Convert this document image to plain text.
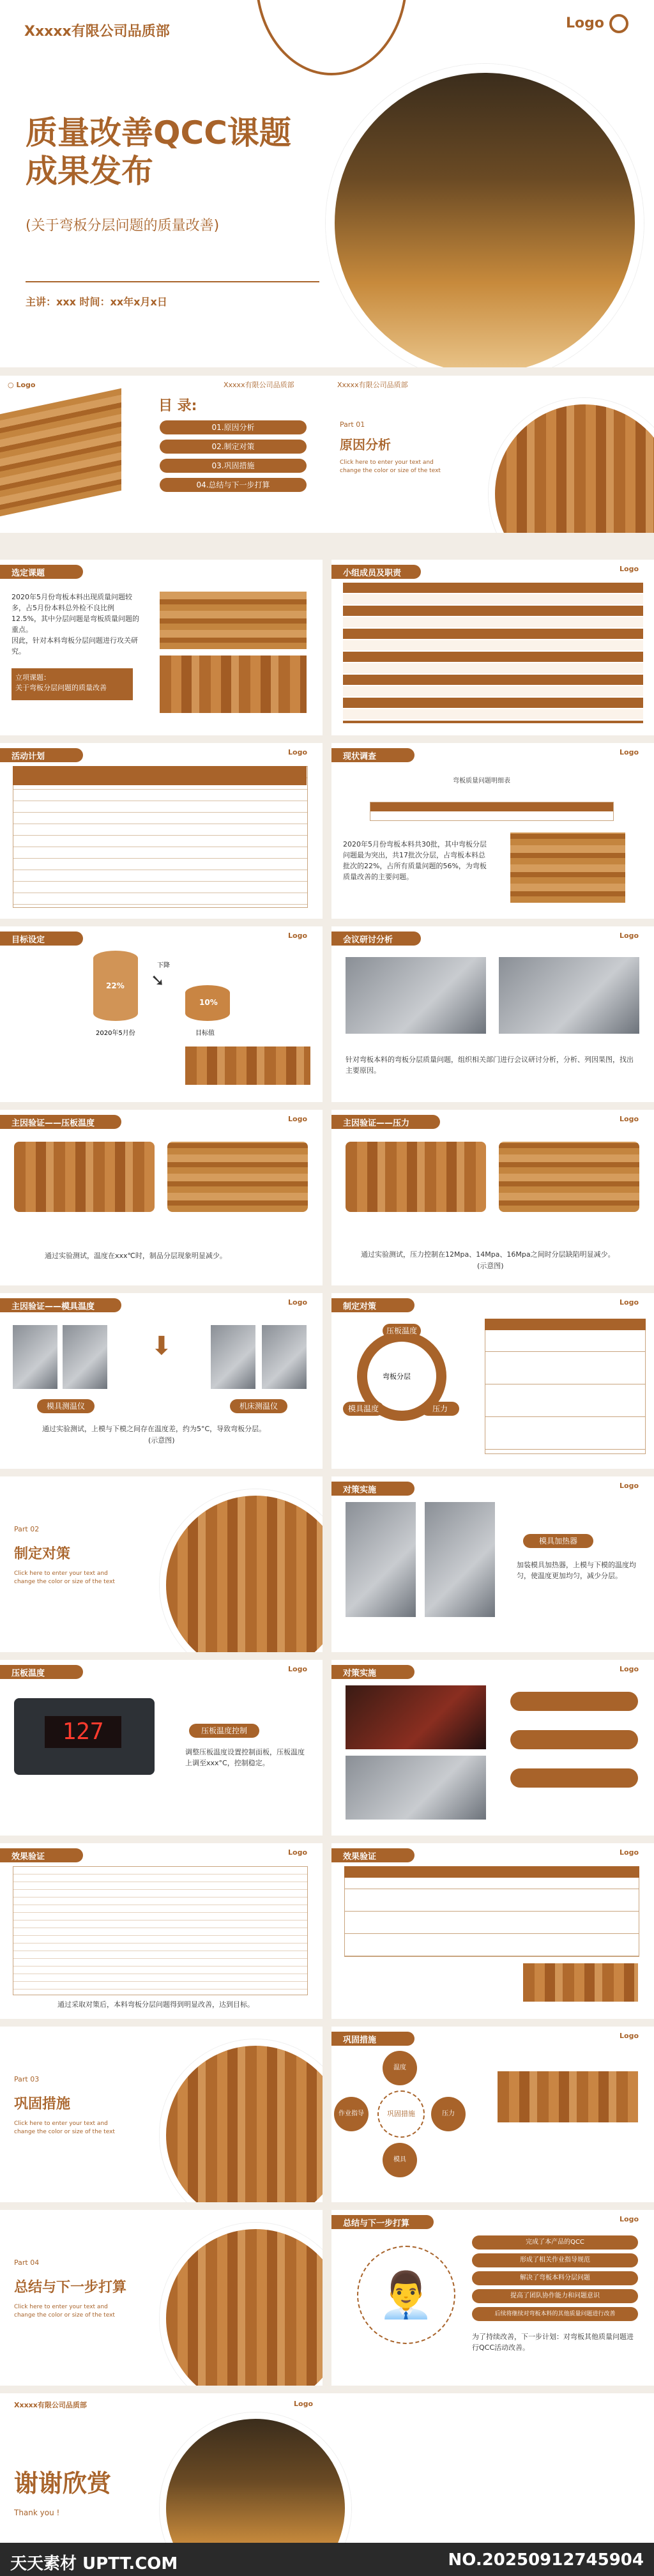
Xxxxx有限公司品质部
Logo
质量改善QCC课题
成果发布
(关于弯板分层问题的质量改善)
主讲：xxx 时间：xx年x月x日
○ Logo	Xxxxx有限公司品质部
目 录:
01.原因分析
02.制定对策
03.巩固措施
04.总结与下一步打算
Xxxxx有限公司品质部
Part 01
原因分析
Click here to enter your text and change the color or size of the text
选定课题
2020年5月份弯板本料出现质量问题较多，占5月份本料总外检不良比例12.5%，其中分层问题是弯板质量问题的重点。
因此，针对本料弯板分层问题进行攻关研究。
立项课题：
关于弯板分层问题的质量改善
小组成员及职责	Logo
活动计划	Logo	现状调查	Logo
弯板质量问题明细表
2020年5月份弯板本料共30批，其中弯板分层问题最为突出，共17批次分层，占弯板本料总批次的22%，占所有质量问题的56%，为弯板质量改善的主要问题。
目标设定	Logo
22%
10%
➘
下降
2020年5月份	目标值
会议研讨分析	Logo
针对弯板本料的弯板分层质量问题，组织相关部门进行会议研讨分析，分析、列因果图，找出主要原因。
主因验证——压板温度	Logo
通过实验测试，温度在xxx℃时，制品分层现象明显减少。
主因验证——压力	Logo
通过实验测试，压力控制在12Mpa、14Mpa、16Mpa之间时分层缺陷明显减少。
(示意图)
主因验证——模具温度	Logo
模具测温仪
⬇
机床测温仪
通过实验测试，上模与下模之间存在温度差，约为5°C，导致弯板分层。
(示意图)
制定对策	Logo
弯板分层
压板温度
压力
模具温度
Part 02
制定对策
Click here to enter your text and change the color or size of the text
对策实施	Logo
模具加热器
加装模具加热器，上模与下模的温度均匀，使温度更加均匀，减少分层。
压板温度	Logo
127	压板温度控制
调整压板温度设置控制面板，压板温度上调至xxx°C，控制稳定。
对策实施	Logo
效果验证	Logo
通过采取对策后，本料弯板分层问题得到明显改善，达到目标。
效果验证	Logo
Part 03
巩固措施
Click here to enter your text and change the color or size of the text
巩固措施	Logo
巩固措施
温度
压力
模具
作业指导
Part 04
总结与下一步打算
Click here to enter your text and change the color or size of the text
总结与下一步打算	Logo
👨‍💼
完成了本产品的QCC
形成了相关作业指导规范
解决了弯板本料分层问题
提高了团队协作能力和问题意识
后续将继续对弯板本料的其他质量问题进行改善
为了持续改善，下一步计划：对弯板其他质量问题进行QCC活动改善。
Xxxxx有限公司品质部	Logo
谢谢欣赏
Thank you !
天天素材 UPTT.COM	NO.20250912745904
